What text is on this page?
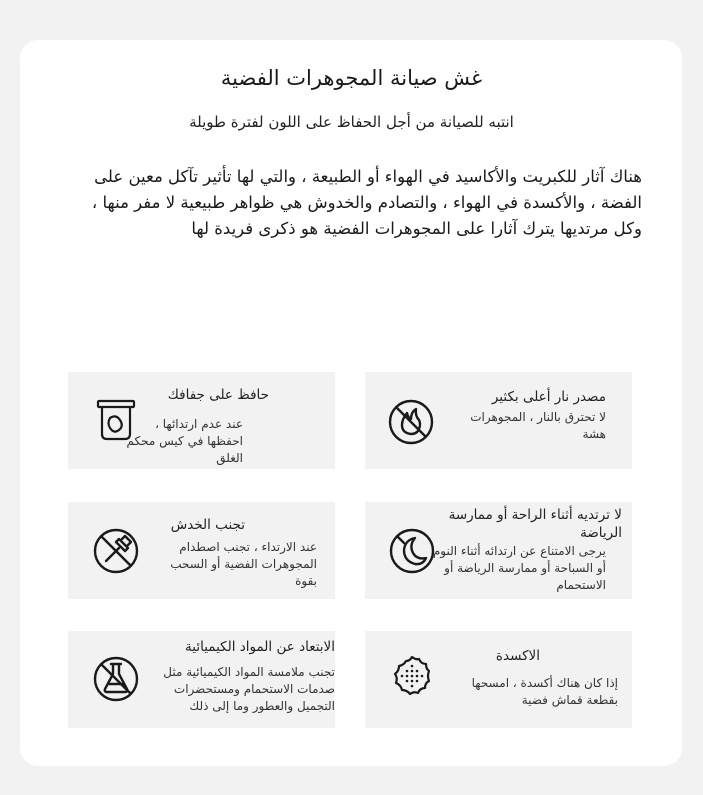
غش صيانة المجوهرات الفضية
انتبه للصيانة من أجل الحفاظ على اللون لفترة طويلة
هناك آثار للكبريت والأكاسيد في الهواء أو الطبيعة ، والتي لها تأثير تآكل معين على الفضة ، والأكسدة في الهواء ، والتصادم والخدوش هي ظواهر طبيعية لا مفر منها ، وكل مرتديها يترك آثارا على المجوهرات الفضية هو ذكرى فريدة لها
حافظ على جفافك
عند عدم ارتدائها ، احفظها في كيس محكم الغلق
مصدر نار أعلى بكثير
لا تحترق بالنار ، المجوهرات هشة
تجنب الخدش
عند الارتداء ، تجنب اصطدام المجوهرات الفضية أو السحب بقوة
لا ترتديه أثناء الراحة أو ممارسة الرياضة
يرجى الامتناع عن ارتدائه أثناء النوم أو السباحة أو ممارسة الرياضة أو الاستحمام
الابتعاد عن المواد الكيميائية
تجنب ملامسة المواد الكيميائية مثل صدمات الاستحمام ومستحضرات التجميل والعطور وما إلى ذلك
الاكسدة
إذا كان هناك أكسدة ، امسحها بقطعة قماش فضية
